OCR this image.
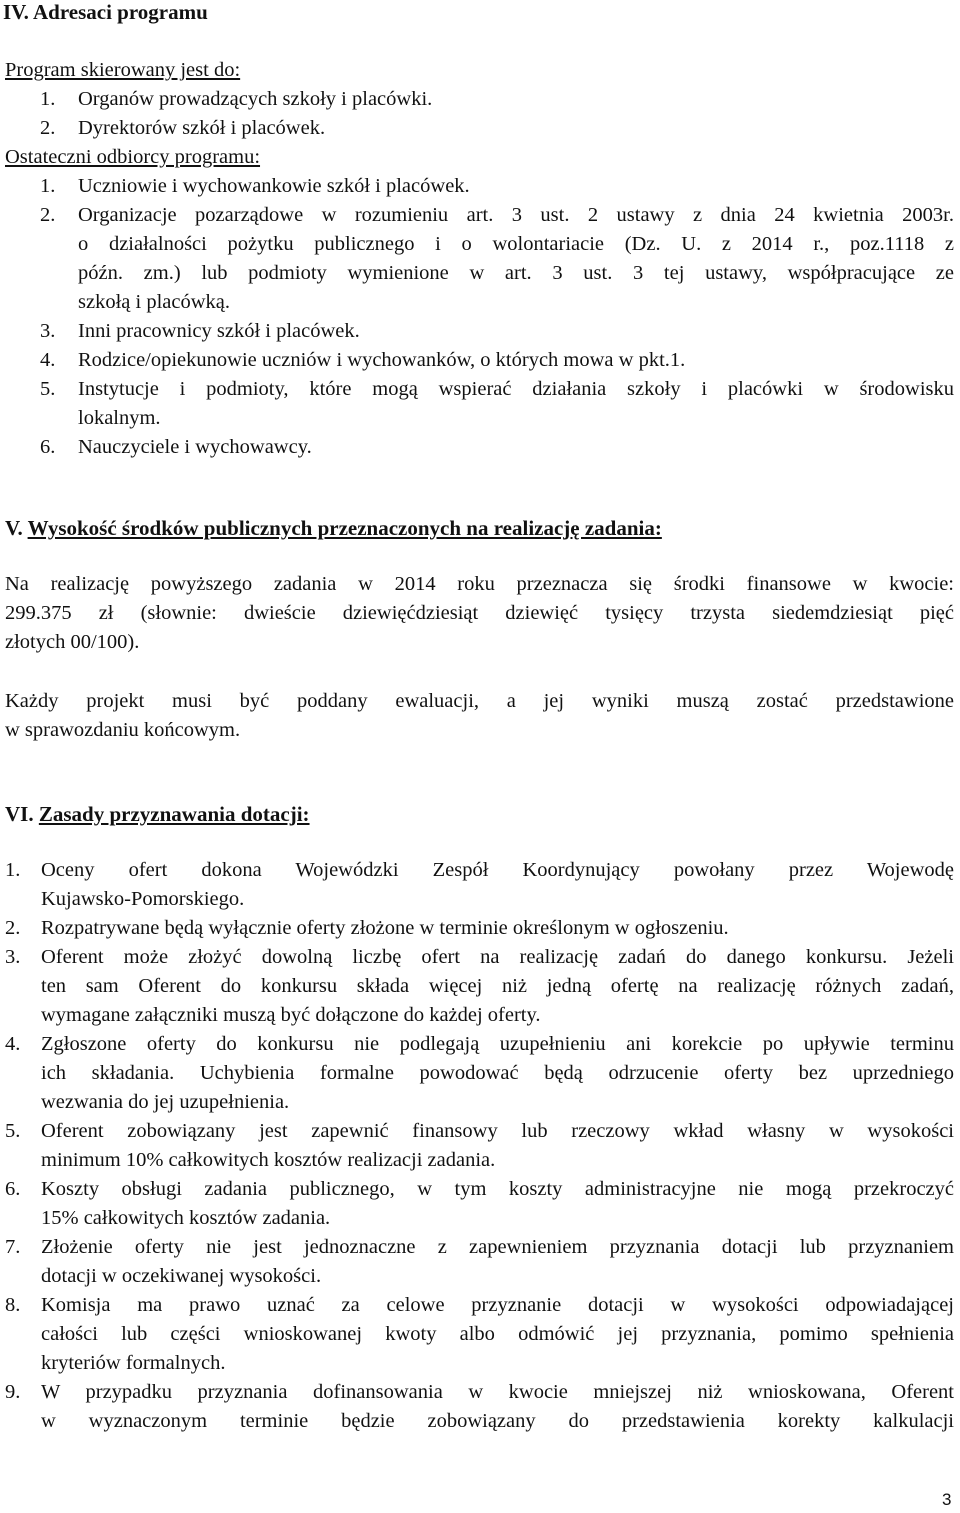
IV. Adresaci programu
Program skierowany jest do:
1. Organów prowadzących szkoły i placówki.
2. Dyrektorów szkół i placówek.
Ostateczni odbiorcy programu:
1. Uczniowie i wychowankowie szkół i placówek.
2. Organizacje pozarządowe w rozumieniu art. 3 ust. 2 ustawy z dnia 24 kwietnia 2003r.
o działalności pożytku publicznego i o wolontariacie (Dz. U. z 2014 r., poz.1118 z
późn. zm.) lub podmioty wymienione w art. 3 ust. 3 tej ustawy, współpracujące ze
szkołą i placówką.
3. Inni pracownicy szkół i placówek.
4. Rodzice/opiekunowie uczniów i wychowanków, o których mowa w pkt.1.
5. Instytucje i podmioty, które mogą wspierać działania szkoły i placówki w środowisku
lokalnym.
6. Nauczyciele i wychowawcy.
V. Wysokość środków publicznych przeznaczonych na realizację zadania:
Na realizację powyższego zadania w 2014 roku przeznacza się środki finansowe w kwocie:
299.375 zł (słownie: dwieście dziewięćdziesiąt dziewięć tysięcy trzysta siedemdziesiąt pięć
złotych 00/100).
Każdy projekt musi być poddany ewaluacji, a jej wyniki muszą zostać przedstawione
w sprawozdaniu końcowym.
VI. Zasady przyznawania dotacji:
1. Oceny ofert dokona Wojewódzki Zespół Koordynujący powołany przez Wojewodę
Kujawsko-Pomorskiego.
2. Rozpatrywane będą wyłącznie oferty złożone w terminie określonym w ogłoszeniu.
3. Oferent może złożyć dowolną liczbę ofert na realizację zadań do danego konkursu. Jeżeli
ten sam Oferent do konkursu składa więcej niż jedną ofertę na realizację różnych zadań,
wymagane załączniki muszą być dołączone do każdej oferty.
4. Zgłoszone oferty do konkursu nie podlegają uzupełnieniu ani korekcie po upływie terminu
ich składania. Uchybienia formalne powodować będą odrzucenie oferty bez uprzedniego
wezwania do jej uzupełnienia.
5. Oferent zobowiązany jest zapewnić finansowy lub rzeczowy wkład własny w wysokości
minimum 10% całkowitych kosztów realizacji zadania.
6. Koszty obsługi zadania publicznego, w tym koszty administracyjne nie mogą przekroczyć
15% całkowitych kosztów zadania.
7. Złożenie oferty nie jest jednoznaczne z zapewnieniem przyznania dotacji lub przyznaniem
dotacji w oczekiwanej wysokości.
8. Komisja ma prawo uznać za celowe przyznanie dotacji w wysokości odpowiadającej
całości lub części wnioskowanej kwoty albo odmówić jej przyznania, pomimo spełnienia
kryteriów formalnych.
9. W przypadku przyznania dofinansowania w kwocie mniejszej niż wnioskowana, Oferent
w wyznaczonym terminie będzie zobowiązany do przedstawienia korekty kalkulacji
3
